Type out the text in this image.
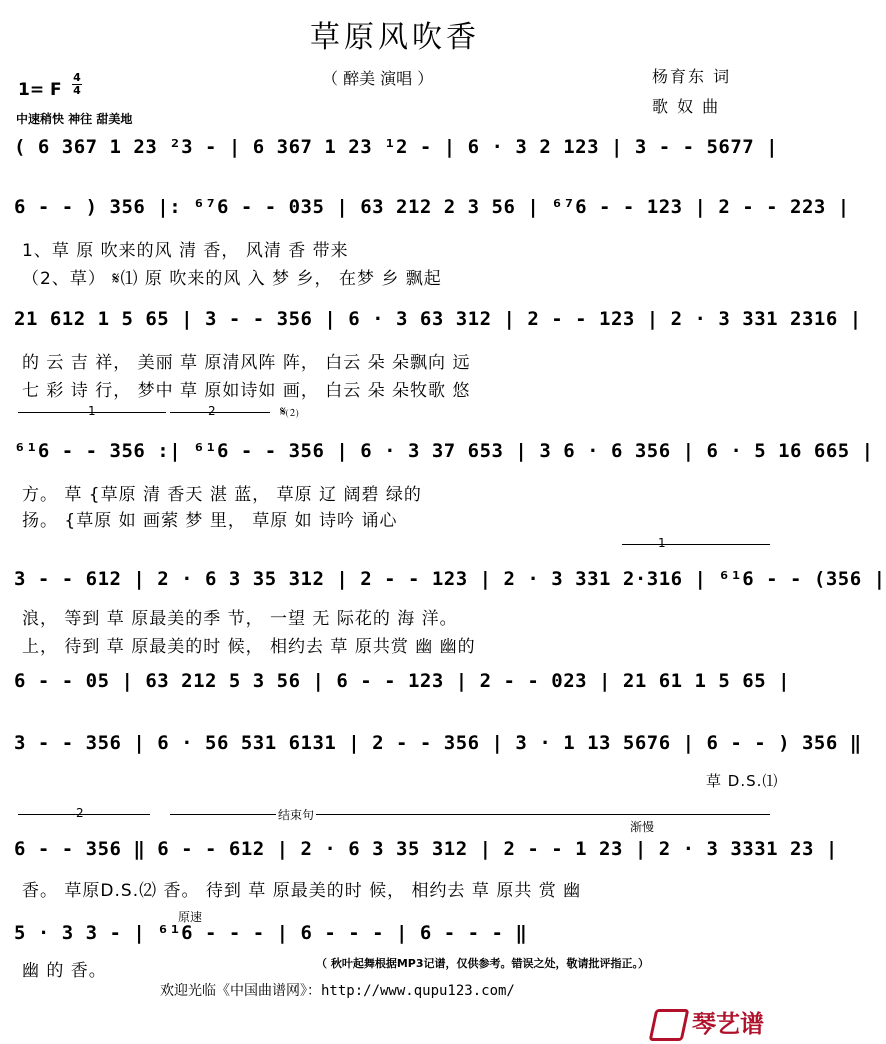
草原风吹香
（ 醉美 演唱 ）	杨育东 词
歌 奴 曲
1= F
4
4
中速稍快 神往 甜美地
( 6 367 1 23 ²3 - | 6 367 1 23 ¹2 - | 6 · 3 2 123 | 3 - - 5677 |
6 - - ) 356 |: ⁶⁷6 - - 035 | 63 212 2 3 56 | ⁶⁷6 - - 123 | 2 - - 223 |
1、草 原 吹来的风 清 香， 风清 香 带来
（2、草） 𝄋⑴ 原 吹来的风 入 梦 乡， 在梦 乡 飘起
21 612 1 5 65 | 3 - - 356 | 6 · 3 63 312 | 2 - - 123 | 2 · 3 331 2316 |
的 云 吉 祥， 美丽 草 原清风阵 阵， 白云 朵 朵飘向 远
七 彩 诗 行， 梦中 草 原如诗如 画， 白云 朵 朵牧歌 悠
1	2	𝄋⑵
⁶¹6 - - 356 :| ⁶¹6 - - 356 | 6 · 3 37 653 | 3 6 · 6 356 | 6 · 5 16 665 |
方。 草 {草原 清 香天 湛 蓝， 草原 辽 阔碧 绿的
扬。 {草原 如 画萦 梦 里， 草原 如 诗吟 诵心
1
3 - - 612 | 2 · 6 3 35 312 | 2 - - 123 | 2 · 3 331 2·316 | ⁶¹6 - - (356 |
浪， 等到 草 原最美的季 节， 一望 无 际花的 海 洋。
上， 待到 草 原最美的时 候， 相约去 草 原共赏 幽 幽的
6 - - 05 | 63 212 5 3 56 | 6 - - 123 | 2 - - 023 | 21 61 1 5 65 |
3 - - 356 | 6 · 56 531 6131 | 2 - - 356 | 3 · 1 13 5676 | 6 - - ) 356 ‖
草 D.S.⑴
2	结束句
渐慢
6 - - 356 ‖ 6 - - 612 | 2 · 6 3 35 312 | 2 - - 1 23 | 2 · 3 3331 23 |
香。 草原D.S.⑵ 香。 待到 草 原最美的时 候， 相约去 草 原共 赏 幽
原速
5 · 3 3 - | ⁶¹6 - - - | 6 - - - | 6 - - - ‖
幽 的 香。	（ 秋叶起舞根据MP3记谱，仅供参考。错误之处，敬请批评指正。）
欢迎光临《中国曲谱网》：http://www.qupu123.com/
琴艺谱
